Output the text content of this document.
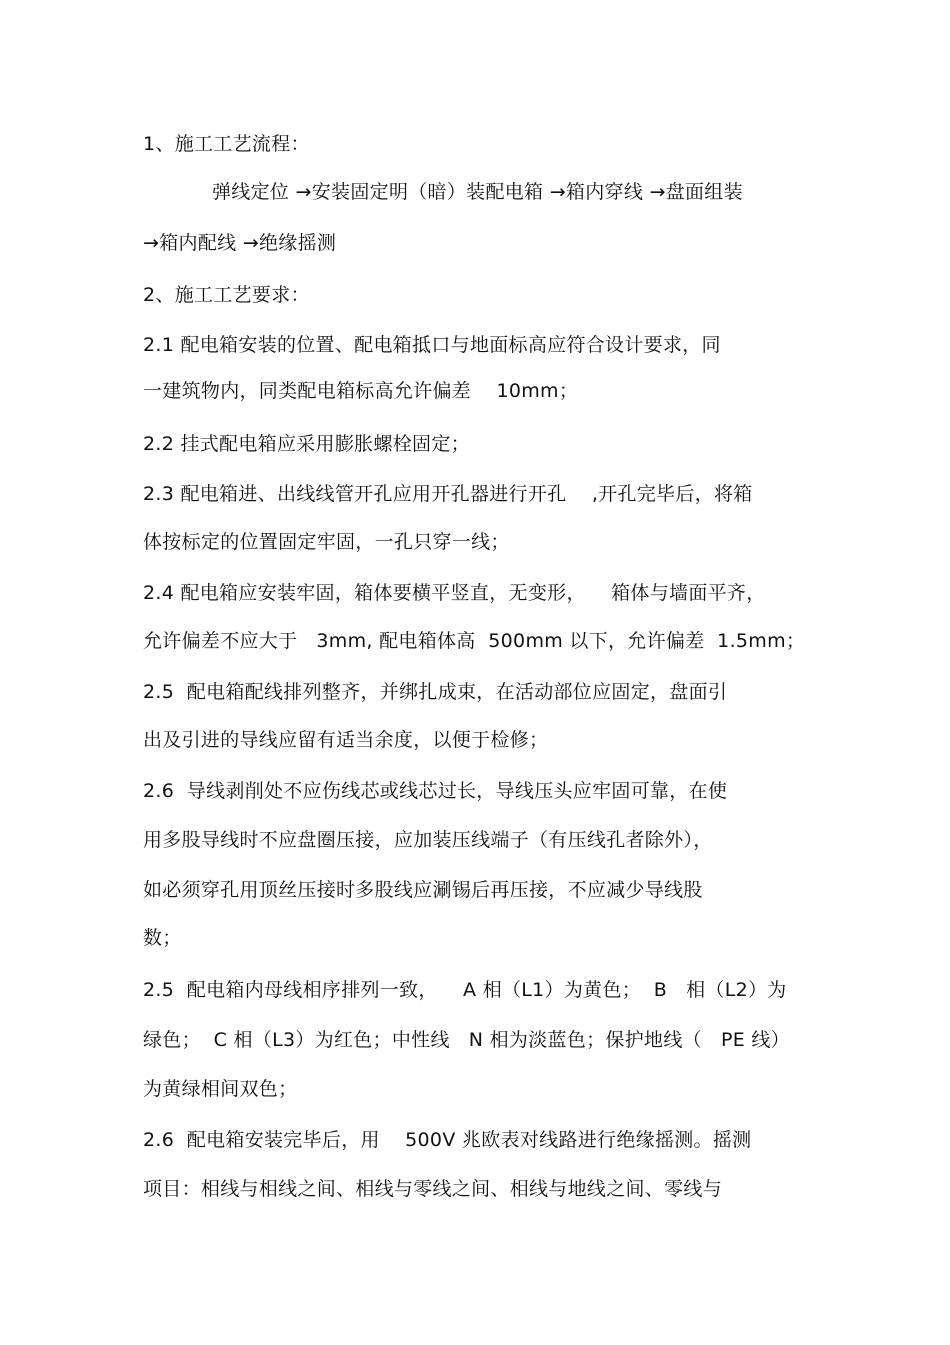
1、施工工艺流程：
弹线定位 →安装固定明（暗）装配电箱 →箱内穿线 →盘面组装
→箱内配线 →绝缘摇测
2、施工工艺要求：
2.1 配电箱安装的位置、配电箱抵口与地面标高应符合设计要求，同
一建筑物内，同类配电箱标高允许偏差    10mm；
2.2 挂式配电箱应采用膨胀螺栓固定；
2.3 配电箱进、出线线管开孔应用开孔器进行开孔    ,开孔完毕后，将箱
体按标定的位置固定牢固，一孔只穿一线；
2.4 配电箱应安装牢固，箱体要横平竖直，无变形，    箱体与墙面平齐，
允许偏差不应大于   3mm, 配电箱体高  500mm 以下，允许偏差  1.5mm；
2.5  配电箱配线排列整齐，并绑扎成束，在活动部位应固定，盘面引
出及引进的导线应留有适当余度，以便于检修；
2.6  导线剥削处不应伤线芯或线芯过长，导线压头应牢固可靠，在使
用多股导线时不应盘圈压接，应加装压线端子（有压线孔者除外），
如必须穿孔用顶丝压接时多股线应涮锡后再压接，不应减少导线股
数；
2.5  配电箱内母线相序排列一致，    A 相（L1）为黄色；  B   相（L2）为
绿色；  C 相（L3）为红色；中性线   N 相为淡蓝色；保护地线（   PE 线）
为黄绿相间双色；
2.6  配电箱安装完毕后，用    500V 兆欧表对线路进行绝缘摇测。摇测
项目：相线与相线之间、相线与零线之间、相线与地线之间、零线与
